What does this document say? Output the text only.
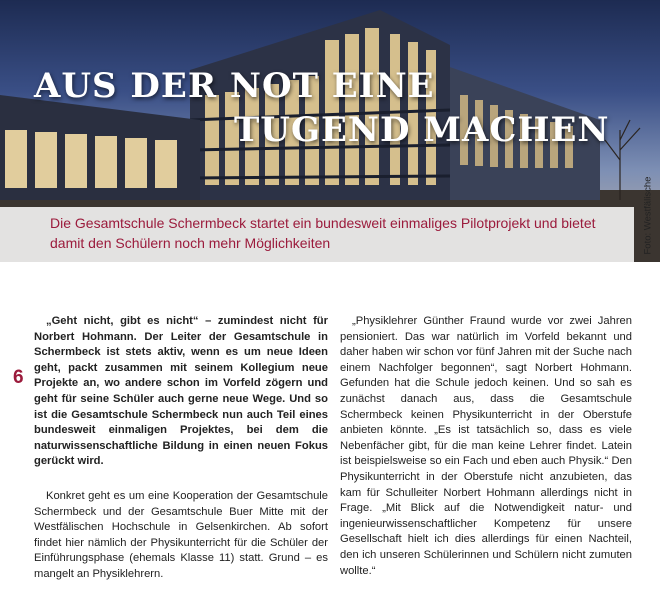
AUS DER NOT EINE
TUGEND MACHEN
Die Gesamtschule Schermbeck startet ein bundesweit einmaliges Pilotprojekt und bietet damit den Schülern noch mehr Möglichkeiten	Foto: Westfälische
6

„Geht nicht, gibt es nicht“ – zumindest nicht für Norbert Hohmann. Der Leiter der Gesamtschule in Schermbeck ist stets aktiv, wenn es um neue Ideen geht, packt zusammen mit seinem Kollegium neue Projekte an, wo andere schon im Vorfeld zögern und geht für seine Schüler auch gerne neue Wege. Und so ist die Gesamtschule Schermbeck nun auch Teil eines bundesweit einmaligen Projektes, bei dem die naturwissenschaftliche Bildung in einen neuen Fokus gerückt wird.

Konkret geht es um eine Kooperation der Gesamtschule Schermbeck und der Gesamtschule Buer Mitte mit der Westfälischen Hochschule in Gelsenkirchen. Ab sofort findet hier nämlich der Physikunterricht für die Schüler der Einführungsphase (ehemals Klasse 11) statt. Grund – es mangelt an Physiklehrern.

„Physiklehrer Günther Fraund wurde vor zwei Jahren pensioniert. Das war natürlich im Vorfeld bekannt und daher haben wir schon vor fünf Jahren mit der Suche nach einem Nachfolger begonnen“, sagt Norbert Hohmann. Gefunden hat die Schule jedoch keinen. Und so sah es zunächst danach aus, dass die Gesamtschule Schermbeck keinen Physikunterricht in der Oberstufe anbieten könnte. „Es ist tatsächlich so, dass es viele Nebenfächer gibt, für die man keine Lehrer findet. Latein ist beispielsweise so ein Fach und eben auch Physik.“ Den Physikunterricht in der Oberstufe nicht anzubieten, das kam für Schulleiter Norbert Hohmann allerdings nicht in Frage. „Mit Blick auf die Notwendigkeit natur- und ingenieurwissenschaftlicher Kompetenz für unsere Gesellschaft hielt ich dies allerdings für einen Nachteil, den ich unseren Schülerinnen und Schülern nicht zumuten wollte.“
